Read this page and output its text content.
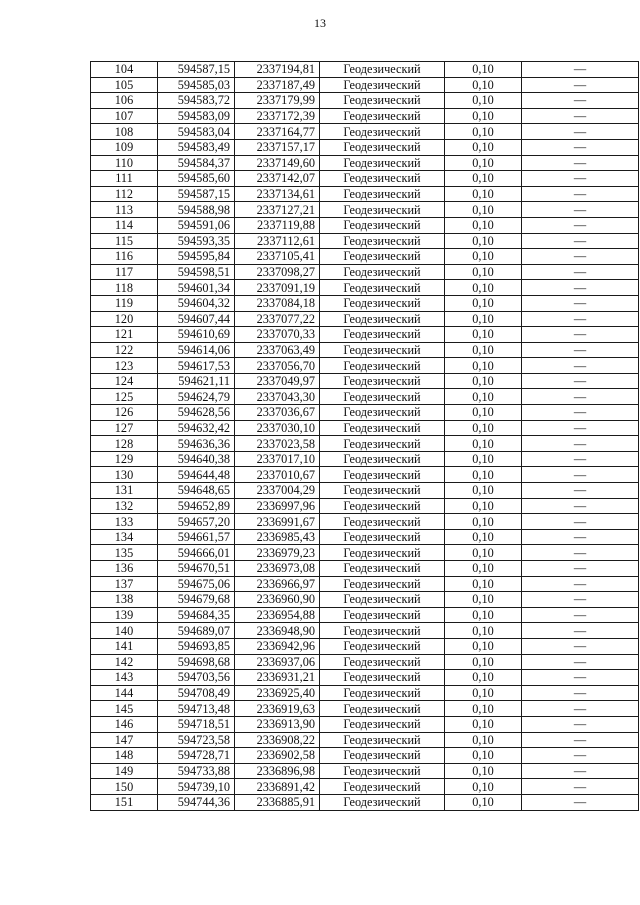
13
104	594587,15	2337194,81	Геодезический	0,10	—
105	594585,03	2337187,49	Геодезический	0,10	—
106	594583,72	2337179,99	Геодезический	0,10	—
107	594583,09	2337172,39	Геодезический	0,10	—
108	594583,04	2337164,77	Геодезический	0,10	—
109	594583,49	2337157,17	Геодезический	0,10	—
110	594584,37	2337149,60	Геодезический	0,10	—
111	594585,60	2337142,07	Геодезический	0,10	—
112	594587,15	2337134,61	Геодезический	0,10	—
113	594588,98	2337127,21	Геодезический	0,10	—
114	594591,06	2337119,88	Геодезический	0,10	—
115	594593,35	2337112,61	Геодезический	0,10	—
116	594595,84	2337105,41	Геодезический	0,10	—
117	594598,51	2337098,27	Геодезический	0,10	—
118	594601,34	2337091,19	Геодезический	0,10	—
119	594604,32	2337084,18	Геодезический	0,10	—
120	594607,44	2337077,22	Геодезический	0,10	—
121	594610,69	2337070,33	Геодезический	0,10	—
122	594614,06	2337063,49	Геодезический	0,10	—
123	594617,53	2337056,70	Геодезический	0,10	—
124	594621,11	2337049,97	Геодезический	0,10	—
125	594624,79	2337043,30	Геодезический	0,10	—
126	594628,56	2337036,67	Геодезический	0,10	—
127	594632,42	2337030,10	Геодезический	0,10	—
128	594636,36	2337023,58	Геодезический	0,10	—
129	594640,38	2337017,10	Геодезический	0,10	—
130	594644,48	2337010,67	Геодезический	0,10	—
131	594648,65	2337004,29	Геодезический	0,10	—
132	594652,89	2336997,96	Геодезический	0,10	—
133	594657,20	2336991,67	Геодезический	0,10	—
134	594661,57	2336985,43	Геодезический	0,10	—
135	594666,01	2336979,23	Геодезический	0,10	—
136	594670,51	2336973,08	Геодезический	0,10	—
137	594675,06	2336966,97	Геодезический	0,10	—
138	594679,68	2336960,90	Геодезический	0,10	—
139	594684,35	2336954,88	Геодезический	0,10	—
140	594689,07	2336948,90	Геодезический	0,10	—
141	594693,85	2336942,96	Геодезический	0,10	—
142	594698,68	2336937,06	Геодезический	0,10	—
143	594703,56	2336931,21	Геодезический	0,10	—
144	594708,49	2336925,40	Геодезический	0,10	—
145	594713,48	2336919,63	Геодезический	0,10	—
146	594718,51	2336913,90	Геодезический	0,10	—
147	594723,58	2336908,22	Геодезический	0,10	—
148	594728,71	2336902,58	Геодезический	0,10	—
149	594733,88	2336896,98	Геодезический	0,10	—
150	594739,10	2336891,42	Геодезический	0,10	—
151	594744,36	2336885,91	Геодезический	0,10	—
